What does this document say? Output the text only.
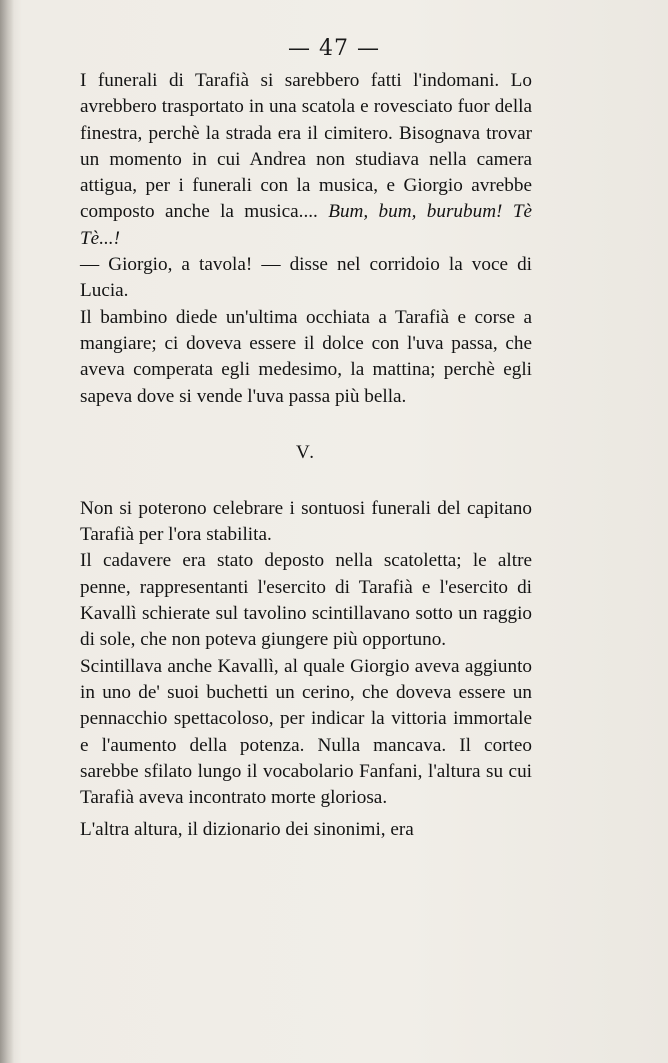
— 47 —

I funerali di Tarafià si sarebbero fatti l'indomani. Lo avrebbero trasportato in una scatola e rovesciato fuor della finestra, perchè la strada era il cimitero. Bisognava trovar un momento in cui Andrea non studiava nella camera attigua, per i funerali con la musica, e Giorgio avrebbe composto anche la musica.... Bum, bum, burubum! Tè Tè...!

— Giorgio, a tavola! — disse nel corridoio la voce di Lucia.

Il bambino diede un'ultima occhiata a Tarafià e corse a mangiare; ci doveva essere il dolce con l'uva passa, che aveva comperata egli medesimo, la mattina; perchè egli sapeva dove si vende l'uva passa più bella.

V.

Non si poterono celebrare i sontuosi funerali del capitano Tarafià per l'ora stabilita.

Il cadavere era stato deposto nella scatoletta; le altre penne, rappresentanti l'esercito di Tarafià e l'esercito di Kavallì schierate sul tavolino scintillavano sotto un raggio di sole, che non poteva giungere più opportuno.

Scintillava anche Kavallì, al quale Giorgio aveva aggiunto in uno de' suoi buchetti un cerino, che doveva essere un pennacchio spettacoloso, per indicar la vittoria immortale e l'aumento della potenza. Nulla mancava. Il corteo sarebbe sfilato lungo il vocabolario Fanfani, l'altura su cui Tarafià aveva incontrato morte gloriosa.

L'altra altura, il dizionario dei sinonimi, era
